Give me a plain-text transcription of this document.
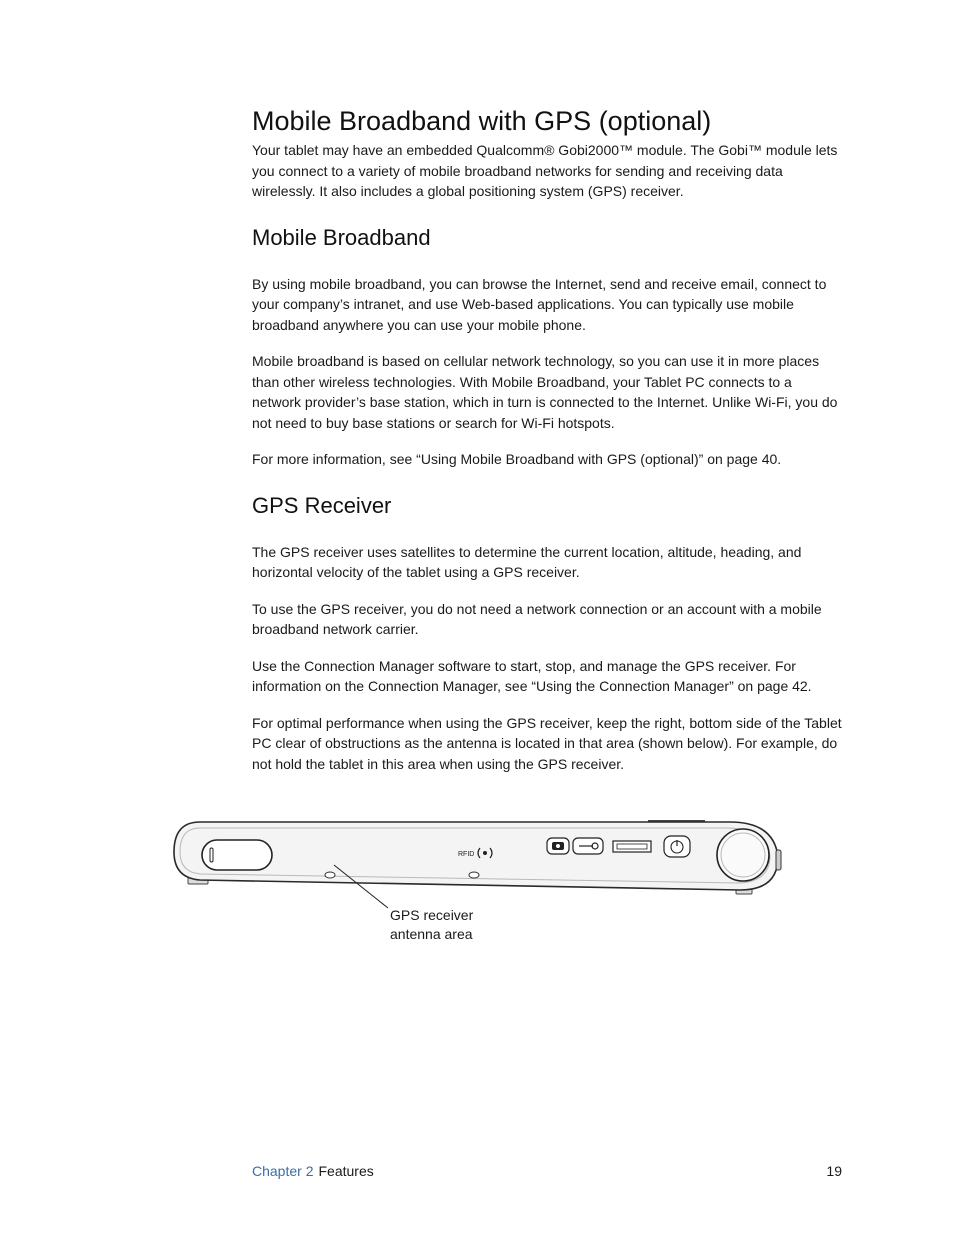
Mobile Broadband with GPS (optional)

Your tablet may have an embedded Qualcomm® Gobi2000™ module. The Gobi™ module lets you connect to a variety of mobile broadband networks for sending and receiving data wirelessly. It also includes a global positioning system (GPS) receiver.

Mobile Broadband

By using mobile broadband, you can browse the Internet, send and receive email, connect to your company’s intranet, and use Web-based applications. You can typically use mobile broadband anywhere you can use your mobile phone.

Mobile broadband is based on cellular network technology, so you can use it in more places than other wireless technologies. With Mobile Broadband, your Tablet PC connects to a network provider’s base station, which in turn is connected to the Internet. Unlike Wi-Fi, you do not need to buy base stations or search for Wi-Fi hotspots.

For more information, see “Using Mobile Broadband with GPS (optional)” on page 40.

GPS Receiver

The GPS receiver uses satellites to determine the current location, altitude, heading, and horizontal velocity of the tablet using a GPS receiver.

To use the GPS receiver, you do not need a network connection or an account with a mobile broadband network carrier.

Use the Connection Manager software to start, stop, and manage the GPS receiver. For information on the Connection Manager, see “Using the Connection Manager” on page 42.

For optimal performance when using the GPS receiver, keep the right, bottom side of the Tablet PC clear of obstructions as the antenna is located in that area (shown below). For example, do not hold the tablet in this area when using the GPS receiver.

RFID
GPS receiver
antenna area
Chapter 2 Features	19
